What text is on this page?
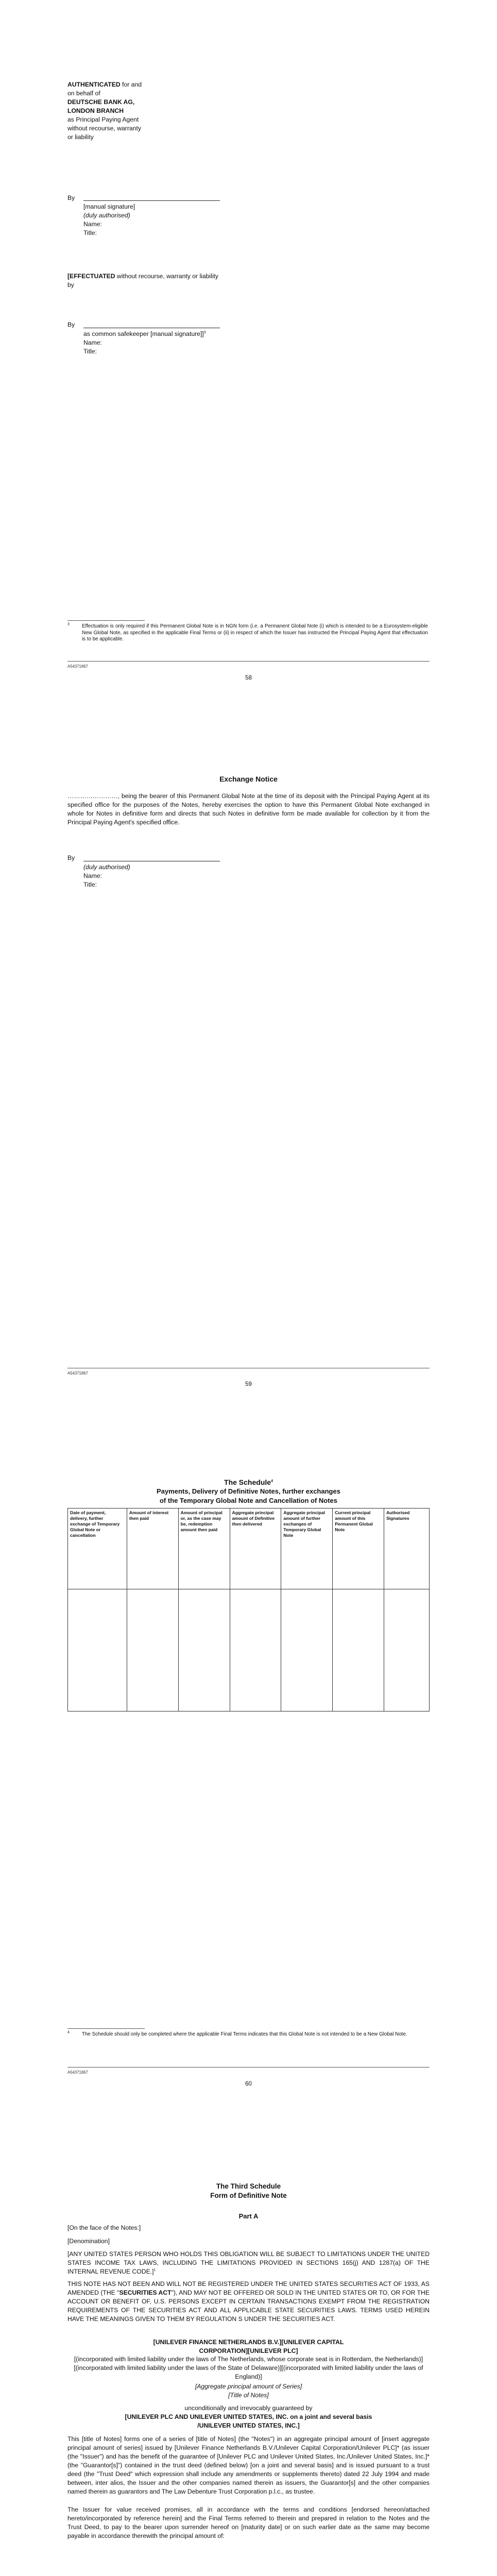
AUTHENTICATED for and on behalf of
DEUTSCHE BANK AG, LONDON BRANCH
as Principal Paying Agent
without recourse, warranty or liability
By
[manual signature]
(duly authorised)
Name:
Title:
[EFFECTUATED without recourse, warranty or liability by
By
as common safekeeper [manual signature]]$^3$
Name:
Title:
$^3$ Effectuation is only required if this Permanent Global Note is in NGN form (i.e. a Permanent Global Note (i) which is intended to be a Eurosystem-eligible New Global Note, as specified in the applicable Final Terms or (ii) in respect of which the Issuer has instructed the Principal Paying Agent that effectuation is to be applicable.
A54371867
58
Exchange Notice
……………………, being the bearer of this Permanent Global Note at the time of its deposit with the Principal Paying Agent at its specified office for the purposes of the Notes, hereby exercises the option to have this Permanent Global Note exchanged in whole for Notes in definitive form and directs that such Notes in definitive form be made available for collection by it from the Principal Paying Agent's specified office.
By
(duly authorised)
Name:
Title:
A54371867
59
The Schedule$^4$
Payments, Delivery of Definitive Notes, further exchanges
of the Temporary Global Note and Cancellation of Notes
Date of payment, delivery, further exchange of Temporary Global Note or cancellation	Amount of interest then paid	Amount of principal or, as the case may be, redemption amount then paid	Aggregate principal amount of Definitive then delivered	Aggregate principal amount of further exchanges of Temporary Global Note	Current principal amount of this Permanent Global Note	Authorised Signatures

$^4$ The Schedule should only be completed where the applicable Final Terms indicates that this Global Note is not intended to be a New Global Note.
A54371867
60
The Third Schedule
Form of Definitive Note
Part A
[On the face of the Notes:]
[Denomination]
[ANY UNITED STATES PERSON WHO HOLDS THIS OBLIGATION WILL BE SUBJECT TO LIMITATIONS UNDER THE UNITED STATES INCOME TAX LAWS, INCLUDING THE LIMITATIONS PROVIDED IN SECTIONS 165(j) AND 1287(a) OF THE INTERNAL REVENUE CODE.]$^1$
THIS NOTE HAS NOT BEEN AND WILL NOT BE REGISTERED UNDER THE UNITED STATES SECURITIES ACT OF 1933, AS AMENDED (THE "SECURITIES ACT"), AND MAY NOT BE OFFERED OR SOLD IN THE UNITED STATES OR TO, OR FOR THE ACCOUNT OR BENEFIT OF, U.S. PERSONS EXCEPT IN CERTAIN TRANSACTIONS EXEMPT FROM THE REGISTRATION REQUIREMENTS OF THE SECURITIES ACT AND ALL APPLICABLE STATE SECURITIES LAWS. TERMS USED HEREIN HAVE THE MEANINGS GIVEN TO THEM BY REGULATION S UNDER THE SECURITIES ACT.
[UNILEVER FINANCE NETHERLANDS B.V.][UNILEVER CAPITAL
CORPORATION][UNILEVER PLC]
[(incorporated with limited liability under the laws of The Netherlands, whose corporate seat is in Rotterdam, the Netherlands)][(incorporated with limited liability under the laws of the State of Delaware)][(incorporated with limited liability under the laws of England)]
[Aggregate principal amount of Series]
[Title of Notes]
unconditionally and irrevocably guaranteed by
[UNILEVER PLC AND UNILEVER UNITED STATES, INC. on a joint and several basis
/UNILEVER UNITED STATES, INC.]
This [title of Notes] forms one of a series of [title of Notes] (the "Notes") in an aggregate principal amount of [insert aggregate principal amount of series] issued by [Unilever Finance Netherlands B.V./Unilever Capital Corporation/Unilever PLC]* (as issuer (the "Issuer") and has the benefit of the guarantee of [Unilever PLC and Unilever United States, Inc./Unilever United States, Inc.]* (the "Guarantor[s]") contained in the trust deed (defined below) [on a joint and several basis] and is issued pursuant to a trust deed (the "Trust Deed" which expression shall include any amendments or supplements thereto) dated 22 July 1994 and made between, inter alios, the Issuer and the other companies named therein as issuers, the Guarantor[s] and the other companies named therein as guarantors and The Law Debenture Trust Corporation p.l.c., as trustee.
The Issuer for value received promises, all in accordance with the terms and conditions [endorsed hereon/attached hereto/incorporated by reference herein] and the Final Terms referred to therein and prepared in relation to the Notes and the Trust Deed, to pay to the bearer upon surrender hereof on [maturity date] or on such earlier date as the same may become payable in accordance therewith the principal amount of:
